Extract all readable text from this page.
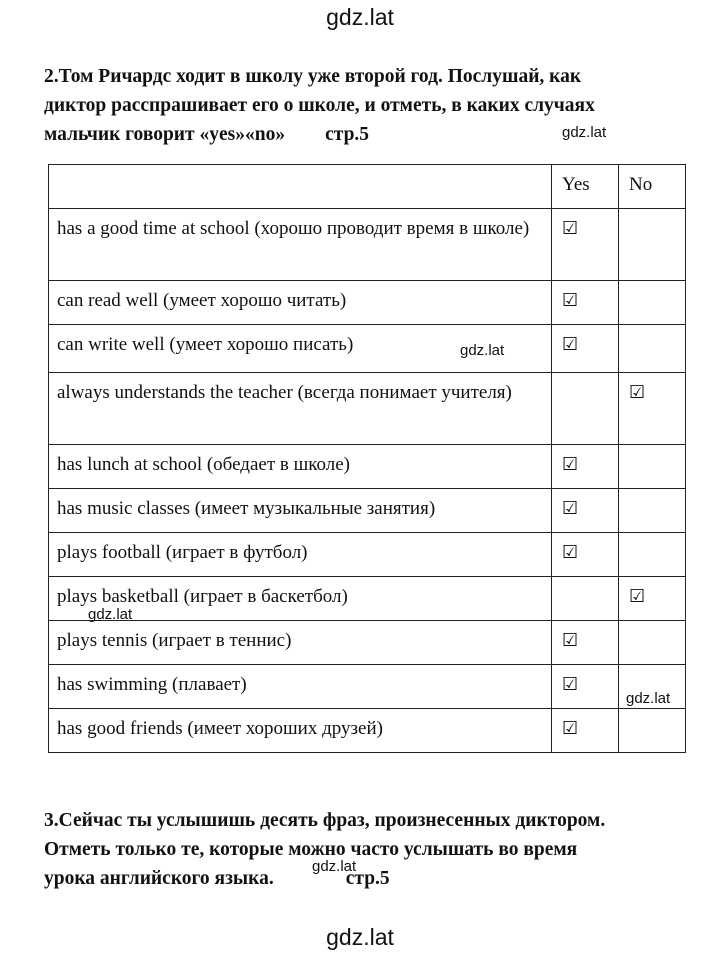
gdz.lat
2.Том Ричардс ходит в школу уже второй год. Послушай, как
диктор расспрашивает его о школе, и отметь, в каких случаях
мальчик говорит «yes»«no» стр.5	gdz.lat
	Yes	No
has a good time at school (хорошо проводит время в школе)	☑	
can read well (умеет хорошо читать)	☑	
can write well (умеет хорошо писать)	☑	
always understands the teacher (всегда понимает учителя)		☑
has lunch at school (обедает в школе)	☑	
has music classes (имеет музыкальные занятия)	☑	
plays football (играет в футбол)	☑	
plays basketball (играет в баскетбол)		☑
plays tennis (играет в теннис)	☑	
has swimming (плавает)	☑	
has good friends (имеет хороших друзей)	☑	
gdz.lat
gdz.lat
gdz.lat
3.Сейчас ты услышишь десять фраз, произнесенных диктором.
Отметь только те, которые можно часто услышать во время
урока английского языка.	стр.5
gdz.lat
gdz.lat
